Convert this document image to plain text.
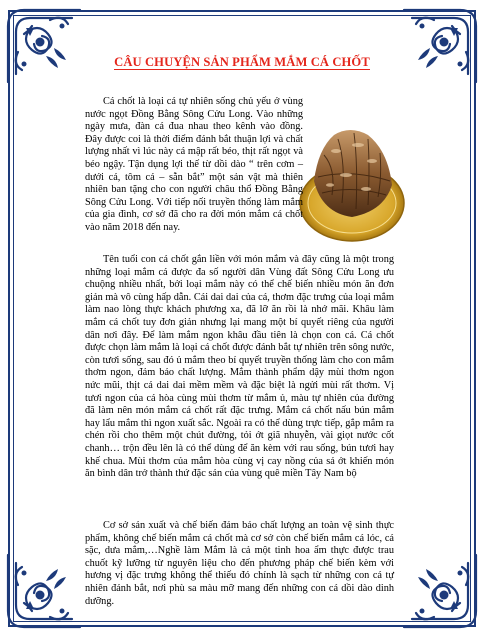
CÂU CHUYỆN SẢN PHẨM MẮM CÁ CHỐT

Cá chốt là loại cá tự nhiên sống chủ yếu ở vùng nước ngọt Đồng Bằng Sông Cửu Long. Vào những ngày mưa, đàn cá đua nhau theo kênh vào đồng. Đây được coi là thời điểm đánh bắt thuận lợi và chất lượng nhất vì lúc này cá mập rất béo, thịt rất ngọt và béo ngậy. Tận dụng lợi thế từ dồi dào “ trên cơm – dưới cá, tôm cá – sẵn bắt” một sản vật mà thiên nhiên ban tặng cho con người châu thổ Đồng Bằng Sông Cửu Long. Với tiếp nối truyền thống làm mắm của gia đình, cơ sở đã cho ra đời món mắm cá chốt vào năm 2018 đến nay.

Tên tuổi con cá chốt gắn liền với món mắm và đây cũng là một trong những loại mắm cá được đa số người dân Vùng đất Sông Cửu Long ưu chuộng nhiều nhất, bởi loại mắm này có thể chế biến nhiều món ăn đơn giản mà vô cùng hấp dẫn. Cái dai dai của cá, thơm đặc trưng của loại mắm làm nao lòng thực khách phương xa, đã lỡ ăn rồi là nhớ mãi. Khâu làm mắm cá chốt tuy đơn giản nhưng lại mang một bí quyết riêng của người dân nơi đây. Để làm mắm ngon khâu đầu tiên là chọn con cá. Cá chốt được chọn làm mắm là loại cá chốt được đánh bắt tự nhiên trên sông nước, còn tươi sống, sau đó ủ mắm theo bí quyết truyền thống làm cho con mắm thơm ngon, đảm bảo chất lượng. Mắm thành phẩm dậy mùi thơm ngon nức mũi, thịt cá dai dai mềm mềm và đặc biệt là ngửi mùi rất thơm. Vị tươi ngon của cá hòa cùng mùi thơm từ mắm ủ, màu tự nhiên của đường đã làm nên món mắm cá chốt rất đặc trưng. Mắm cá chốt nấu bún mắm hay lẩu mắm thì ngon xuất sắc. Ngoài ra có thể dùng trực tiếp, gắp mắm ra chén rồi cho thêm một chút đường, tỏi ớt giã nhuyễn, vài giọt nước cốt chanh… trộn đều lên là có thể dùng để ăn kèm với rau sống, bún tươi hay khế chua. Mùi thơm của mắm hòa cùng vị cay nồng của sả ớt khiến món ăn bình dân trở thành thứ đặc sản của vùng quê miền Tây Nam bộ

Cơ sở sản xuất và chế biến đảm bảo chất lượng an toàn vệ sinh thực phẩm, không chế biến mắm cá chốt mà cơ sở còn chế biến mắm cá lóc, cá sặc, dưa mắm,…Nghề làm Mắm là cả một tinh hoa ẩm thực được trau chuốt kỹ lưỡng từ nguyên liệu cho đến phương pháp chế biến kèm với hương vị đặc trưng không thể thiếu đó chính là sạch từ những con cá tự nhiên đánh bắt, nơi phù sa màu mỡ mang đến những con cá dồi dào dinh dưỡng.
